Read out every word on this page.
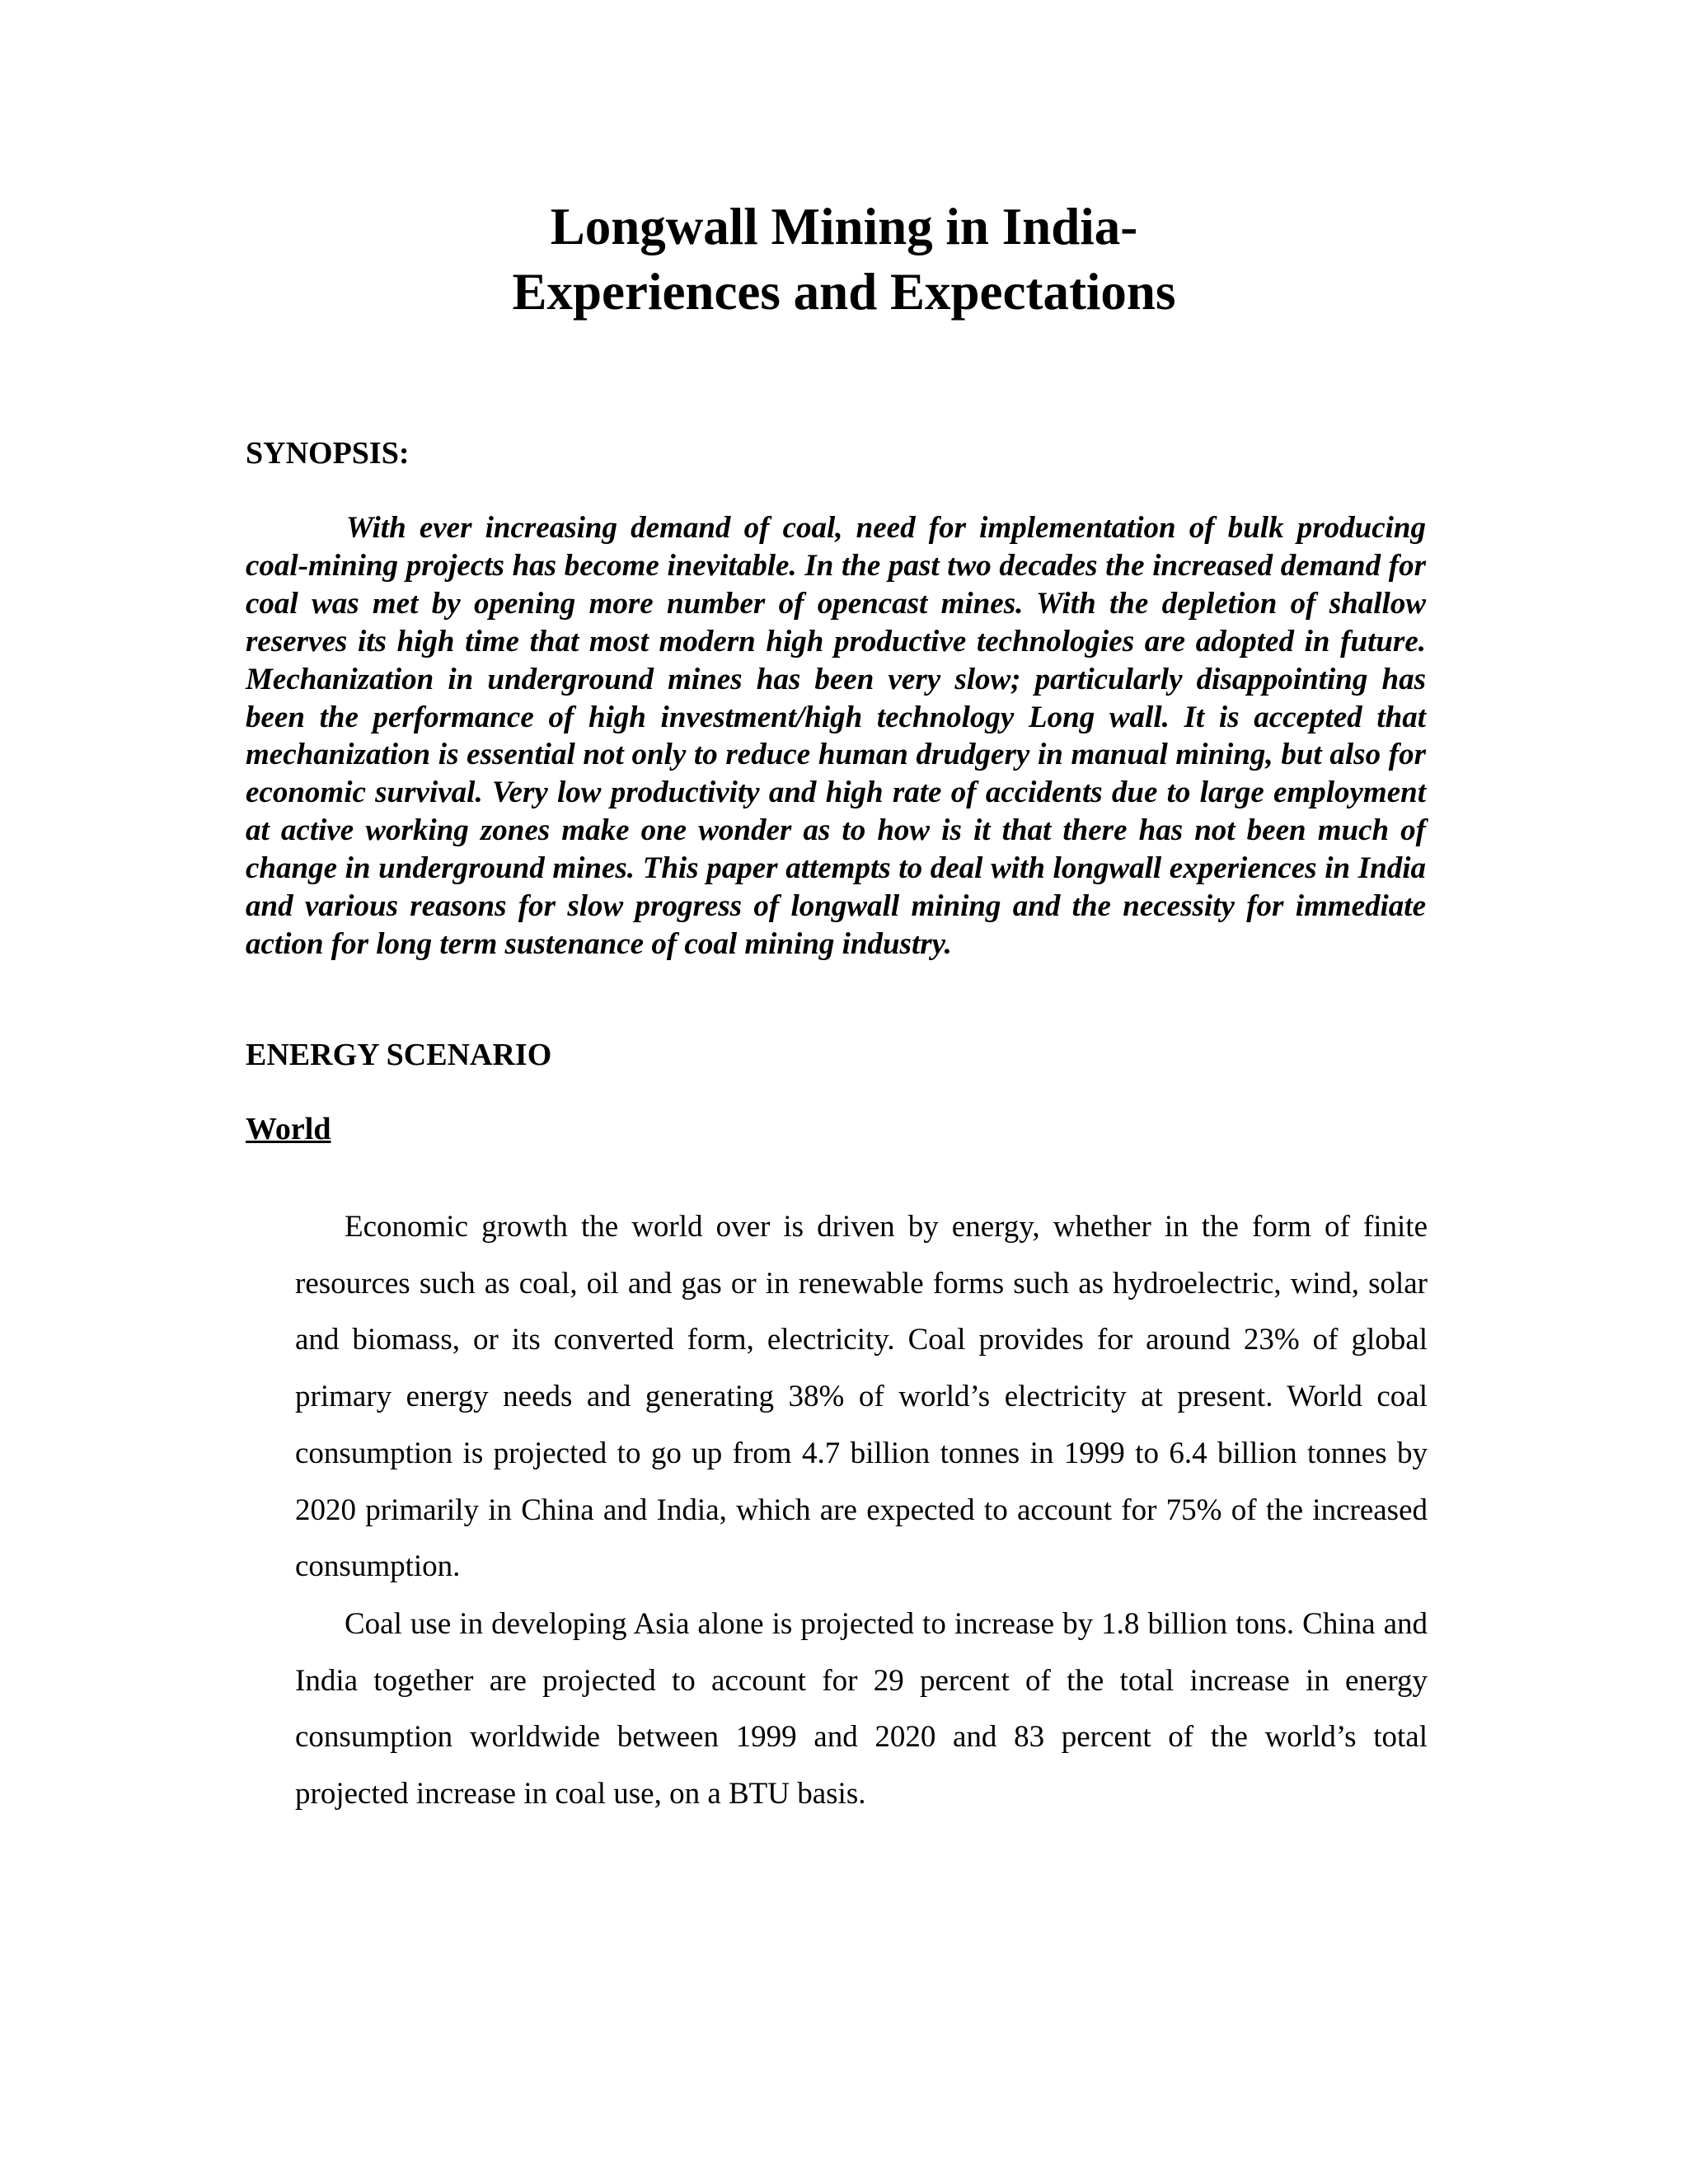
Longwall Mining in India-
Experiences and Expectations
SYNOPSIS:

With ever increasing demand of coal, need for implementation of bulk producing coal-mining projects has become inevitable. In the past two decades the increased demand for coal was met by opening more number of opencast mines. With the depletion of shallow reserves its high time that most modern high productive technologies are adopted in future. Mechanization in underground mines has been very slow; particularly disappointing has been the performance of high investment/high technology Long wall. It is accepted that mechanization is essential not only to reduce human drudgery in manual mining, but also for economic survival. Very low productivity and high rate of accidents due to large employment at active working zones make one wonder as to how is it that there has not been much of change in underground mines. This paper attempts to deal with longwall experiences in India and various reasons for slow progress of longwall mining and the necessity for immediate action for long term sustenance of coal mining industry.

ENERGY SCENARIO
World

Economic growth the world over is driven by energy, whether in the form of finite resources such as coal, oil and gas or in renewable forms such as hydroelectric, wind, solar and biomass, or its converted form, electricity. Coal provides for around 23% of global primary energy needs and generating 38% of world’s electricity at present. World coal consumption is projected to go up from 4.7 billion tonnes in 1999 to 6.4 billion tonnes by 2020 primarily in China and India, which are expected to account for 75% of the increased consumption.

Coal use in developing Asia alone is projected to increase by 1.8 billion tons. China and India together are projected to account for 29 percent of the total increase in energy consumption worldwide between 1999 and 2020 and 83 percent of the world’s total projected increase in coal use, on a BTU basis.
